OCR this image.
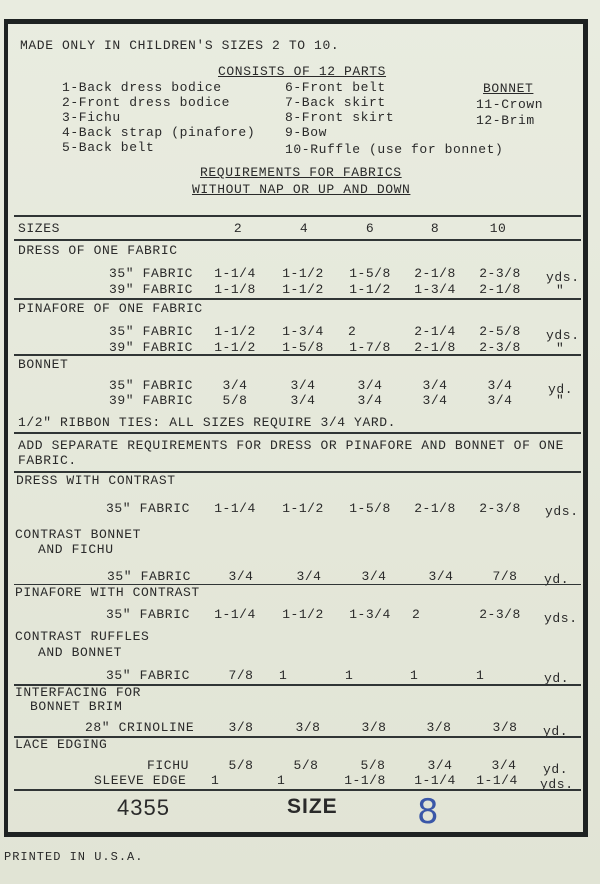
MADE ONLY IN CHILDREN'S SIZES 2 TO 10.
CONSISTS OF 12 PARTS
1-Back dress bodice
2-Front dress bodice
3-Fichu
4-Back strap (pinafore)
5-Back belt
6-Front belt
7-Back skirt
8-Front skirt
9-Bow
10-Ruffle (use for bonnet)
BONNET
11-Crown
12-Brim
REQUIREMENTS FOR FABRICS
WITHOUT NAP OR UP AND DOWN
SIZES	2	4	6	8	10
DRESS OF ONE FABRIC
35" FABRIC	1-1/4	1-1/2	1-5/8	2-1/8	2-3/8	yds.
39" FABRIC	1-1/8	1-1/2	1-1/2	1-3/4	2-1/8	"
PINAFORE OF ONE FABRIC
35" FABRIC	1-1/2	1-3/4	2	2-1/4	2-5/8	yds.
39" FABRIC	1-1/2	1-5/8	1-7/8	2-1/8	2-3/8	"
BONNET
35" FABRIC	3/4	3/4	3/4	3/4	3/4	yd.
39" FABRIC	5/8	3/4	3/4	3/4	3/4	"
1/2" RIBBON TIES: ALL SIZES REQUIRE 3/4 YARD.
ADD SEPARATE REQUIREMENTS FOR DRESS OR PINAFORE AND BONNET OF ONE
FABRIC.
DRESS WITH CONTRAST
35" FABRIC	1-1/4	1-1/2	1-5/8	2-1/8	2-3/8	yds.
CONTRAST BONNET
AND FICHU
35" FABRIC	3/4	3/4	3/4	3/4	7/8	yd.
PINAFORE WITH CONTRAST
35" FABRIC	1-1/4	1-1/2	1-3/4	2	2-3/8	yds.
CONTRAST RUFFLES
AND BONNET
35" FABRIC	7/8	1	1	1	1	yd.
INTERFACING FOR
BONNET BRIM
28" CRINOLINE	3/8	3/8	3/8	3/8	3/8	yd.
LACE EDGING
FICHU	5/8	5/8	5/8	3/4	3/4	yd.
SLEEVE EDGE 1	1	1-1/8	1-1/4	1-1/4	yds.
4355	SIZE 8
PRINTED IN U.S.A.
